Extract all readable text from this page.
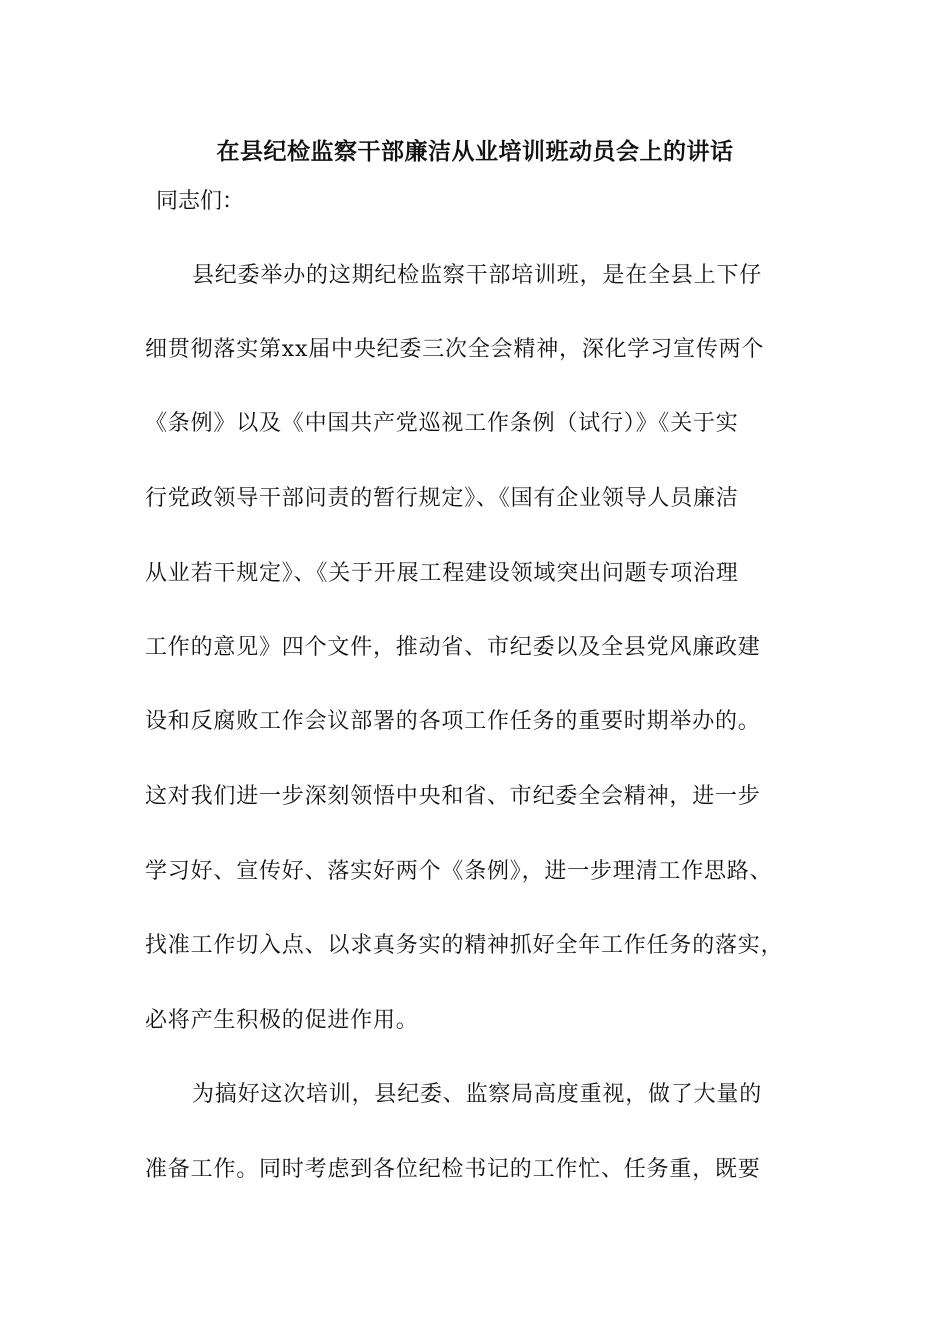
在县纪检监察干部廉洁从业培训班动员会上的讲话
同志们：
县纪委举办的这期纪检监察干部培训班，是在全县上下仔
细贯彻落实第xx届中央纪委三次全会精神，深化学习宣传两个
《条例》以及《中国共产党巡视工作条例（试行）》《关于实
行党政领导干部问责的暂行规定》、《国有企业领导人员廉洁
从业若干规定》、《关于开展工程建设领域突出问题专项治理
工作的意见》四个文件，推动省、市纪委以及全县党风廉政建
设和反腐败工作会议部署的各项工作任务的重要时期举办的。
这对我们进一步深刻领悟中央和省、市纪委全会精神，进一步
学习好、宣传好、落实好两个《条例》，进一步理清工作思路、
找准工作切入点、以求真务实的精神抓好全年工作任务的落实，
必将产生积极的促进作用。
为搞好这次培训，县纪委、监察局高度重视，做了大量的
准备工作。同时考虑到各位纪检书记的工作忙、任务重，既要
